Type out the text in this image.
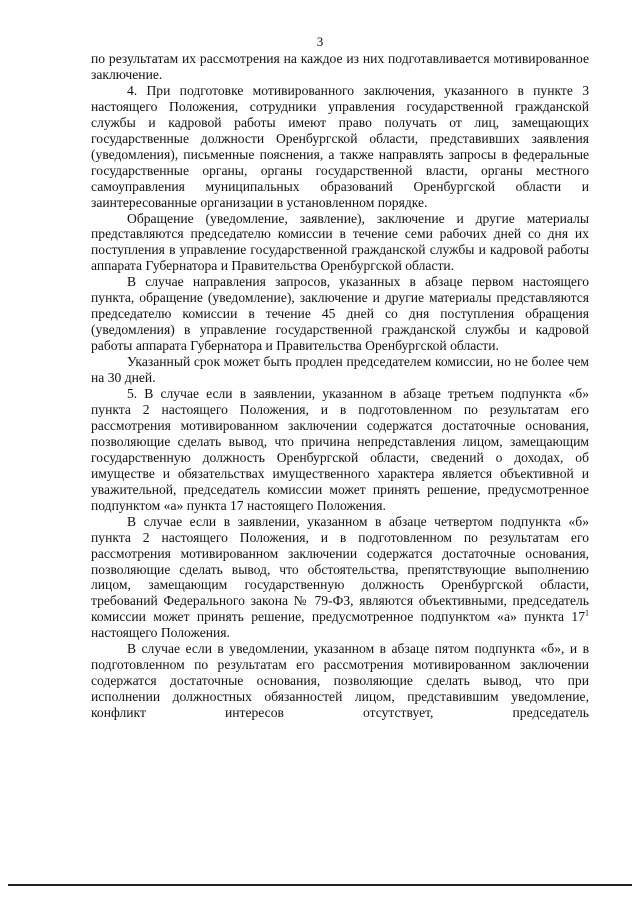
3

по результатам их рассмотрения на каждое из них подготавливается мотивированное заключение.

4. При подготовке мотивированного заключения, указанного в пункте 3 настоящего Положения, сотрудники управления государственной гражданской службы и кадровой работы имеют право получать от лиц, замещающих государственные должности Оренбургской области, представивших заявления (уведомления), письменные пояснения, а также направлять запросы в федеральные государственные органы, органы государственной власти, органы местного самоуправления муниципальных образований Оренбургской области и заинтересованные организации в установленном порядке.

Обращение (уведомление, заявление), заключение и другие материалы представляются председателю комиссии в течение семи рабочих дней со дня их поступления в управление государственной гражданской службы и кадровой работы аппарата Губернатора и Правительства Оренбургской области.

В случае направления запросов, указанных в абзаце первом настоящего пункта, обращение (уведомление), заключение и другие материалы представляются председателю комиссии в течение 45 дней со дня поступления обращения (уведомления) в управление государственной гражданской службы и кадровой работы аппарата Губернатора и Правительства Оренбургской области.

Указанный срок может быть продлен председателем комиссии, но не более чем на 30 дней.

5. В случае если в заявлении, указанном в абзаце третьем подпункта «б» пункта 2 настоящего Положения, и в подготовленном по результатам его рассмотрения мотивированном заключении содержатся достаточные основания, позволяющие сделать вывод, что причина непредставления лицом, замещающим государственную должность Оренбургской области, сведений о доходах, об имуществе и обязательствах имущественного характера является объективной и уважительной, председатель комиссии может принять решение, предусмотренное подпунктом «а» пункта 17 настоящего Положения.

В случае если в заявлении, указанном в абзаце четвертом подпункта «б» пункта 2 настоящего Положения, и в подготовленном по результатам его рассмотрения мотивированном заключении содержатся достаточные основания, позволяющие сделать вывод, что обстоятельства, препятствующие выполнению лицом, замещающим государственную должность Оренбургской области, требований Федерального закона № 79-ФЗ, являются объективными, председатель комиссии может принять решение, предусмотренное подпунктом «а» пункта 17$^1$ настоящего Положения.

В случае если в уведомлении, указанном в абзаце пятом подпункта «б», и в подготовленном по результатам его рассмотрения мотивированном заключении содержатся достаточные основания, позволяющие сделать вывод, что при исполнении должностных обязанностей лицом, представившим уведомление, конфликт интересов отсутствует, председатель
